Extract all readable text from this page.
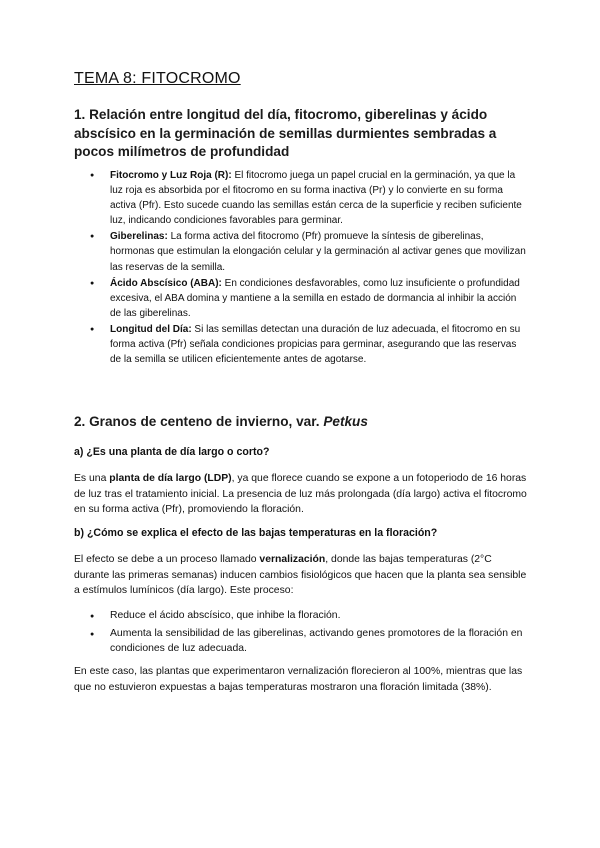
TEMA 8: FITOCROMO
1. Relación entre longitud del día, fitocromo, giberelinas y ácido abscísico en la germinación de semillas durmientes sembradas a pocos milímetros de profundidad
● Fitocromo y Luz Roja (R): El fitocromo juega un papel crucial en la germinación, ya que la luz roja es absorbida por el fitocromo en su forma inactiva (Pr) y lo convierte en su forma activa (Pfr). Esto sucede cuando las semillas están cerca de la superficie y reciben suficiente luz, indicando condiciones favorables para germinar.
● Giberelinas: La forma activa del fitocromo (Pfr) promueve la síntesis de giberelinas, hormonas que estimulan la elongación celular y la germinación al activar genes que movilizan las reservas de la semilla.
● Ácido Abscísico (ABA): En condiciones desfavorables, como luz insuficiente o profundidad excesiva, el ABA domina y mantiene a la semilla en estado de dormancia al inhibir la acción de las giberelinas.
● Longitud del Día: Si las semillas detectan una duración de luz adecuada, el fitocromo en su forma activa (Pfr) señala condiciones propicias para germinar, asegurando que las reservas de la semilla se utilicen eficientemente antes de agotarse.
2. Granos de centeno de invierno, var. Petkus
a) ¿Es una planta de día largo o corto?

Es una planta de día largo (LDP), ya que florece cuando se expone a un fotoperiodo de 16 horas de luz tras el tratamiento inicial. La presencia de luz más prolongada (día largo) activa el fitocromo en su forma activa (Pfr), promoviendo la floración.

b) ¿Cómo se explica el efecto de las bajas temperaturas en la floración?

El efecto se debe a un proceso llamado vernalización, donde las bajas temperaturas (2°C durante las primeras semanas) inducen cambios fisiológicos que hacen que la planta sea sensible a estímulos lumínicos (día largo). Este proceso:

● Reduce el ácido abscísico, que inhibe la floración.
● Aumenta la sensibilidad de las giberelinas, activando genes promotores de la floración en condiciones de luz adecuada.

En este caso, las plantas que experimentaron vernalización florecieron al 100%, mientras que las que no estuvieron expuestas a bajas temperaturas mostraron una floración limitada (38%).
